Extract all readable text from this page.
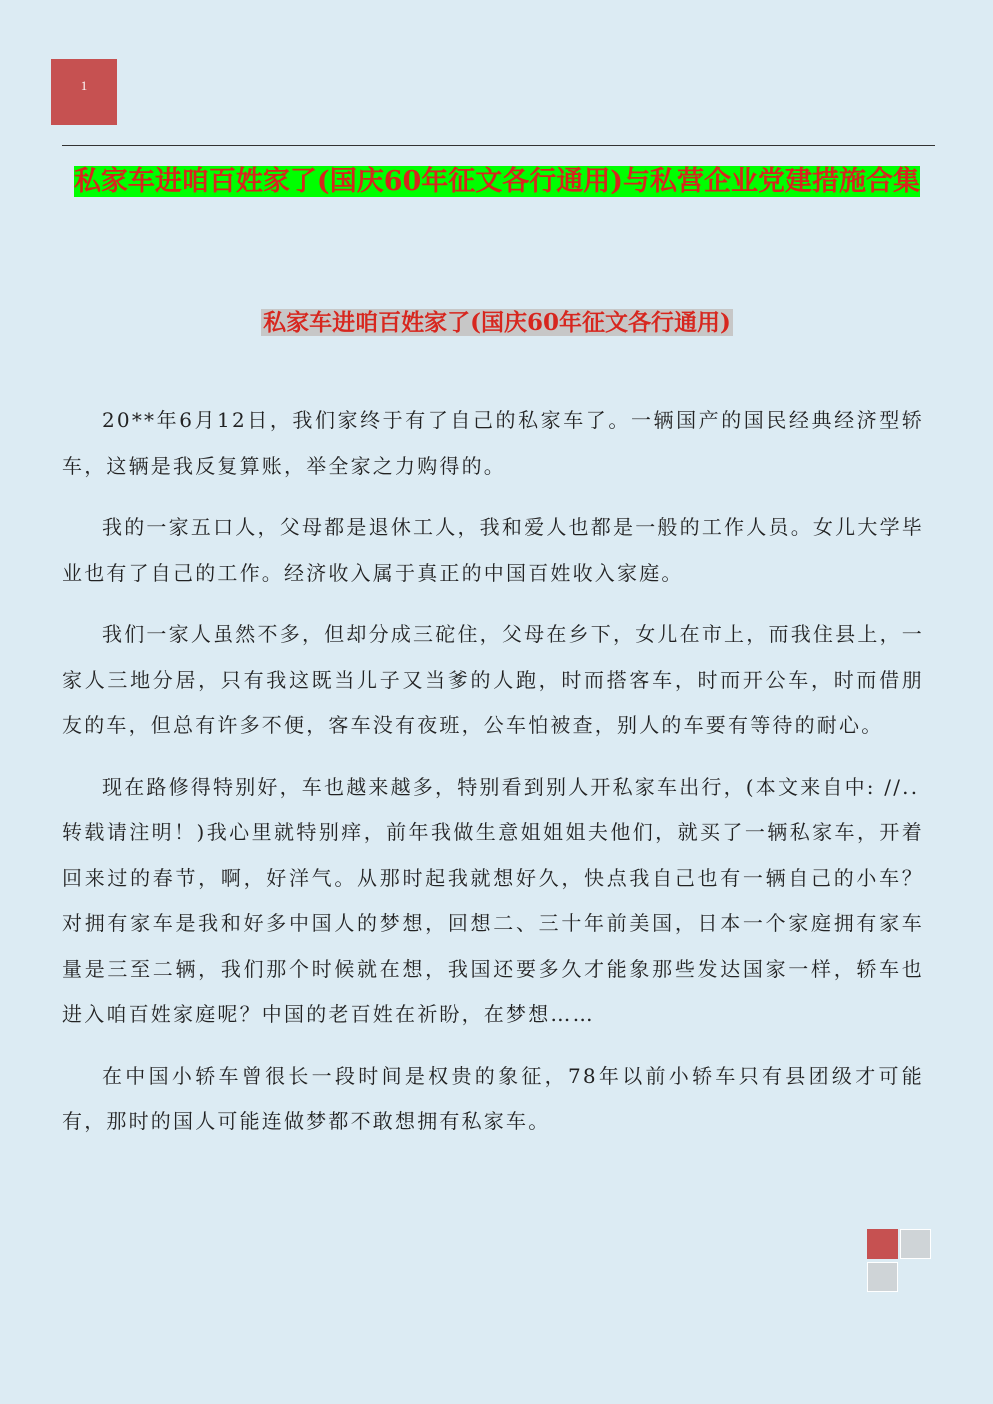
1
私家车进咱百姓家了(国庆60年征文各行通用)与私营企业党建措施合集
私家车进咱百姓家了(国庆60年征文各行通用)

20**年6月12日，我们家终于有了自己的私家车了。一辆国产的国民经典经济型轿车，这辆是我反复算账，举全家之力购得的。

我的一家五口人，父母都是退休工人，我和爱人也都是一般的工作人员。女儿大学毕业也有了自己的工作。经济收入属于真正的中国百姓收入家庭。

我们一家人虽然不多，但却分成三砣住，父母在乡下，女儿在市上，而我住县上，一家人三地分居，只有我这既当儿子又当爹的人跑，时而搭客车，时而开公车，时而借朋友的车，但总有许多不便，客车没有夜班，公车怕被查，别人的车要有等待的耐心。

现在路修得特别好，车也越来越多，特别看到别人开私家车出行，(本文来自中: //..

转载请注明！)我心里就特别痒，前年我做生意姐姐姐夫他们，就买了一辆私家车，开着回来过的春节，啊，好洋气。从那时起我就想好久，快点我自己也有一辆自己的小车？对拥有家车是我和好多中国人的梦想，回想二、三十年前美国，日本一个家庭拥有家车量是三至二辆，我们那个时候就在想，我国还要多久才能象那些发达国家一样，轿车也进入咱百姓家庭呢？中国的老百姓在祈盼，在梦想……

在中国小轿车曾很长一段时间是权贵的象征，78年以前小轿车只有县团级才可能有，那时的国人可能连做梦都不敢想拥有私家车。
